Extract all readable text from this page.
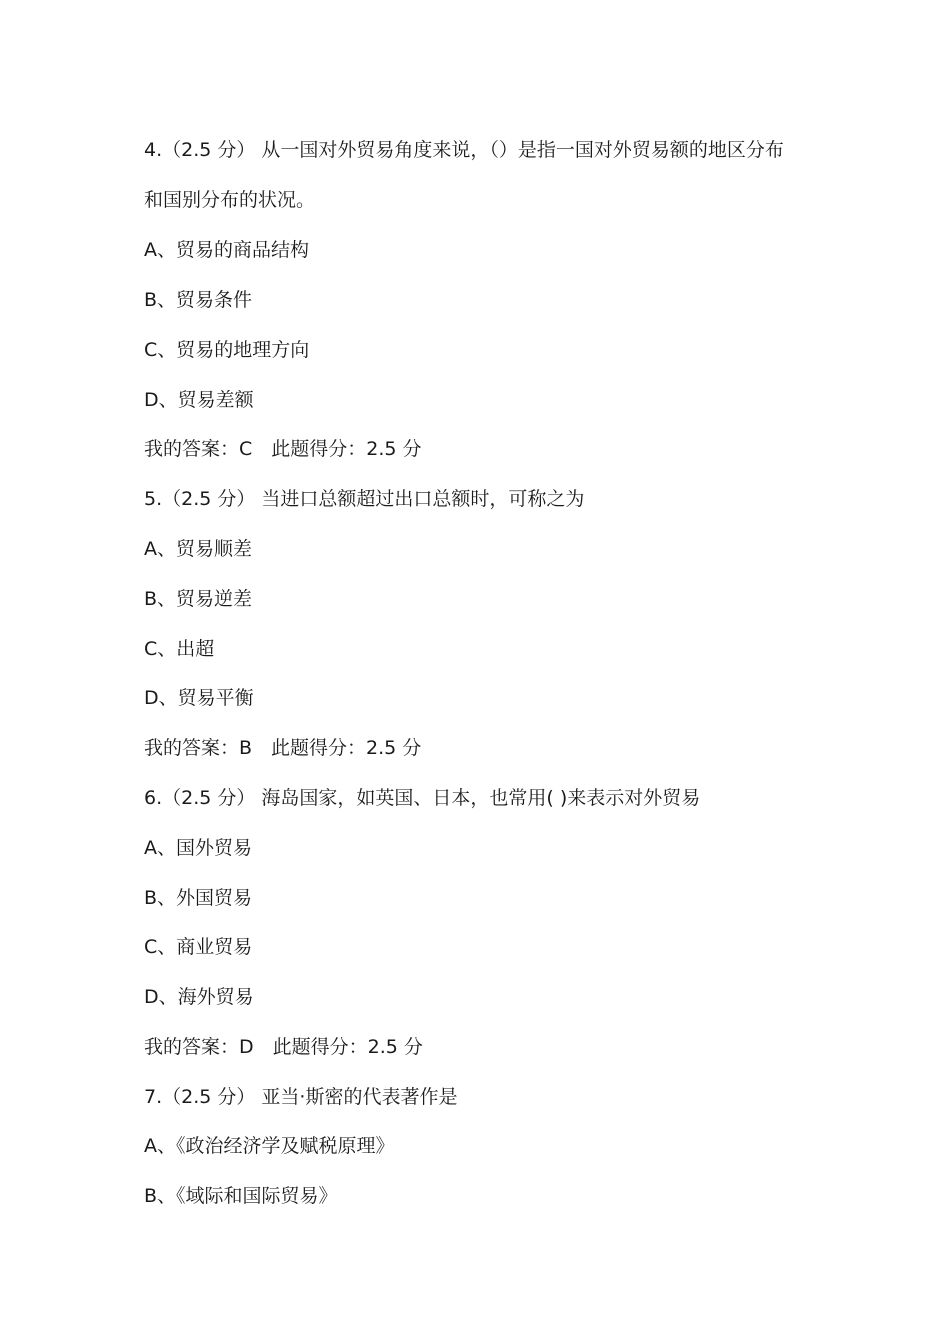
4.（2.5 分） 从一国对外贸易角度来说，（）是指一国对外贸易额的地区分布
和国别分布的状况。
A、贸易的商品结构
B、贸易条件
C、贸易的地理方向
D、贸易差额
我的答案：C　此题得分：2.5 分
5.（2.5 分） 当进口总额超过出口总额时，可称之为
A、贸易顺差
B、贸易逆差
C、出超
D、贸易平衡
我的答案：B　此题得分：2.5 分
6.（2.5 分） 海岛国家，如英国、日本，也常用( )来表示对外贸易
A、国外贸易
B、外国贸易
C、商业贸易
D、海外贸易
我的答案：D　此题得分：2.5 分
7.（2.5 分） 亚当·斯密的代表著作是
A、《政治经济学及赋税原理》
B、《域际和国际贸易》
